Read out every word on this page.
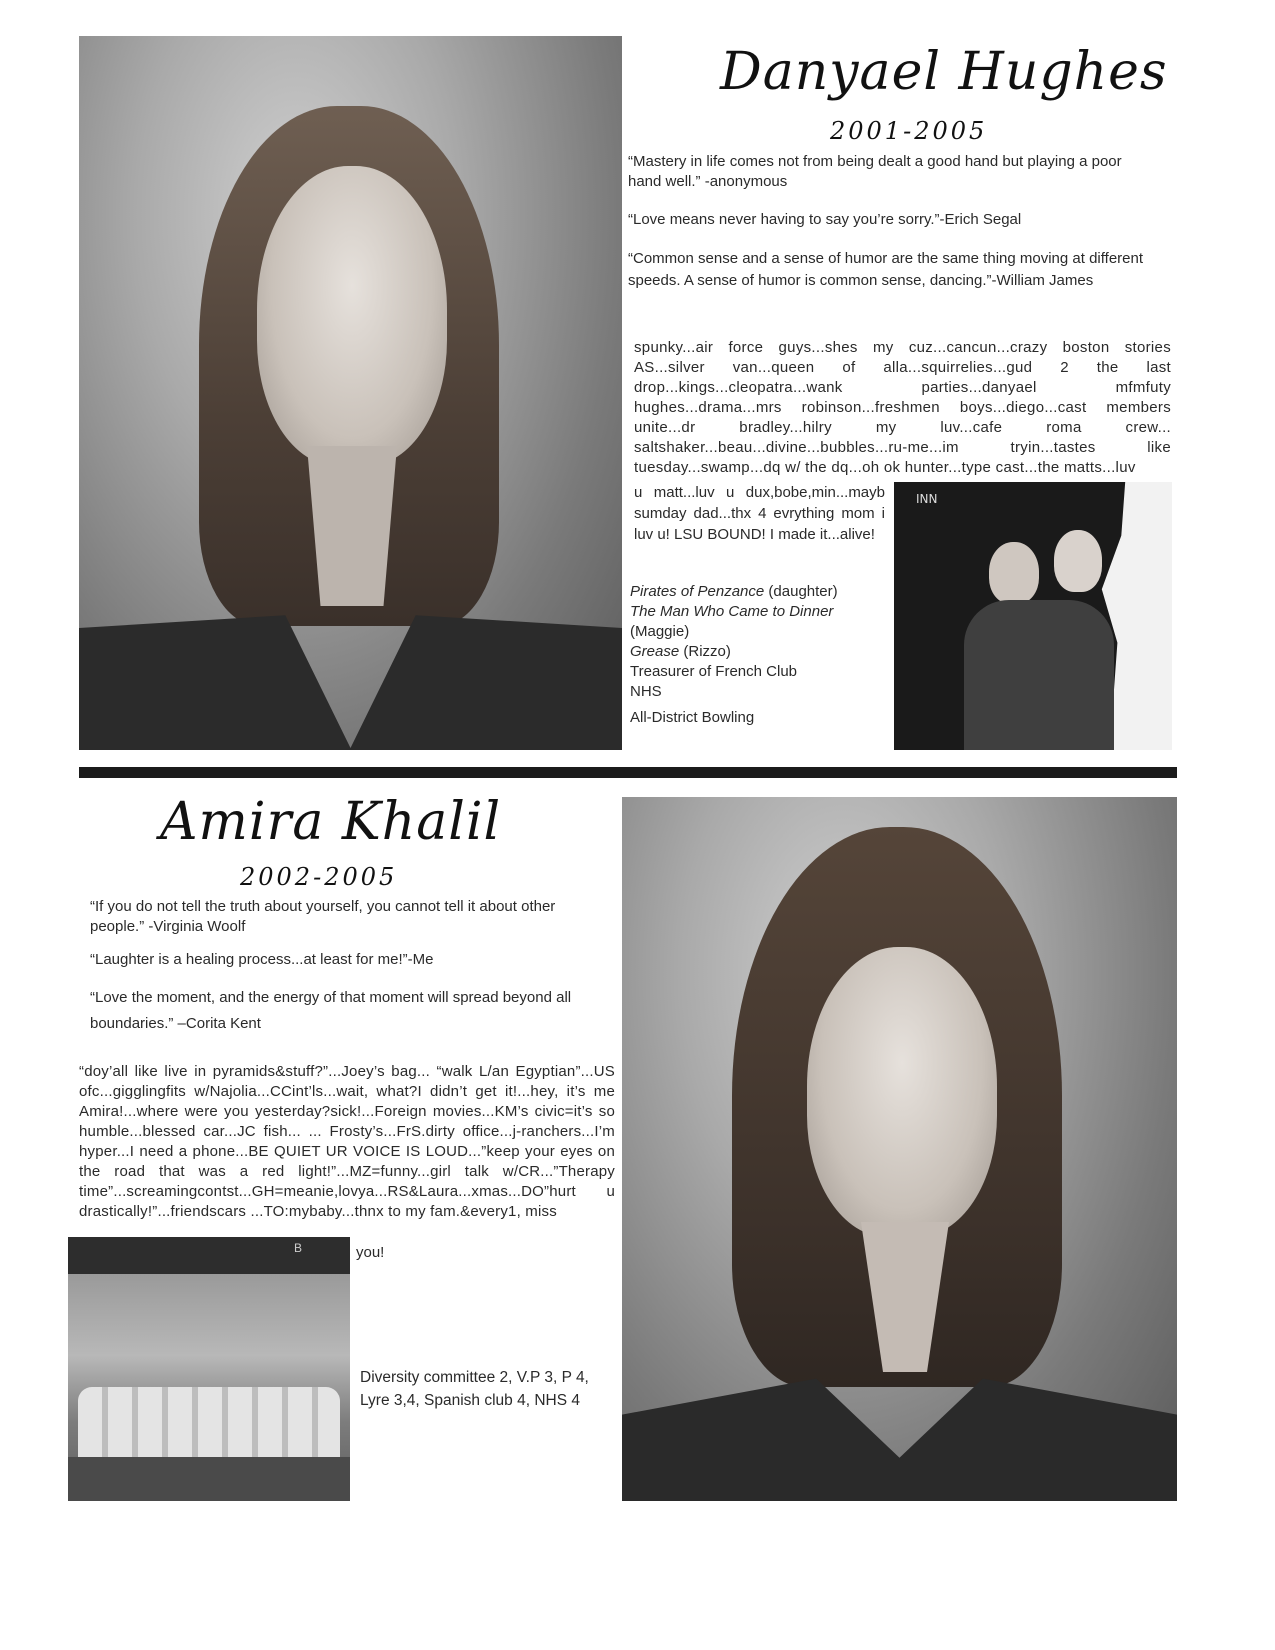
Danyael Hughes
2001-2005
“Mastery in life comes not from being dealt a good hand but playing a poor hand well.” -anonymous
“Love means never having to say you’re sorry.”-Erich Segal
“Common sense and a sense of humor are the same thing moving at different speeds. A sense of humor is common sense, dancing.”-William James
spunky...air force guys...shes my cuz...cancun...crazy boston stories AS...silver van...queen of alla...squirrelies...gud 2 the last drop...kings...cleopatra...wank parties...danyael mfmfuty hughes...drama...mrs robinson...freshmen boys...diego...cast members unite...dr bradley...hilry my luv...cafe roma crew... saltshaker...beau...divine...bubbles...ru-me...im tryin...tastes like tuesday...swamp...dq w/ the dq...oh ok hunter...type cast...the matts...luv
u matt...luv u dux,bobe,min...mayb sumday dad...thx 4 evrything mom i luv u! LSU BOUND! I made it...alive!
Pirates of Penzance (daughter)
The Man Who Came to Dinner
(Maggie)
Grease (Rizzo)
Treasurer of French Club
NHS
All-District Bowling
INN
Amira Khalil
2002-2005
“If you do not tell the truth about yourself, you cannot tell it about other people.” -Virginia Woolf
“Laughter is a healing process...at least for me!”-Me
“Love the moment, and the energy of that moment will spread beyond all boundaries.” –Corita Kent
“doy’all like live in pyramids&stuff?”...Joey’s bag... “walk L/an Egyptian”...US ofc...gigglingfits w/Najolia...CCint’ls...wait, what?I didn’t get it!...hey, it’s me Amira!...where were you yesterday?sick!...Foreign movies...KM’s civic=it’s so humble...blessed car...JC fish... ... Frosty’s...FrS.dirty office...j-ranchers...I’m hyper...I need a phone...BE QUIET UR VOICE IS LOUD...”keep your eyes on the road that was a red light!”...MZ=funny...girl talk w/CR...”Therapy time”...screamingcontst...GH=meanie,lovya...RS&Laura...xmas...DO”hurt u drastically!”...friendscars ...TO:mybaby...thnx to my fam.&every1, miss
you!
B
Diversity committee 2, V.P 3, P 4, Lyre 3,4, Spanish club 4, NHS 4
